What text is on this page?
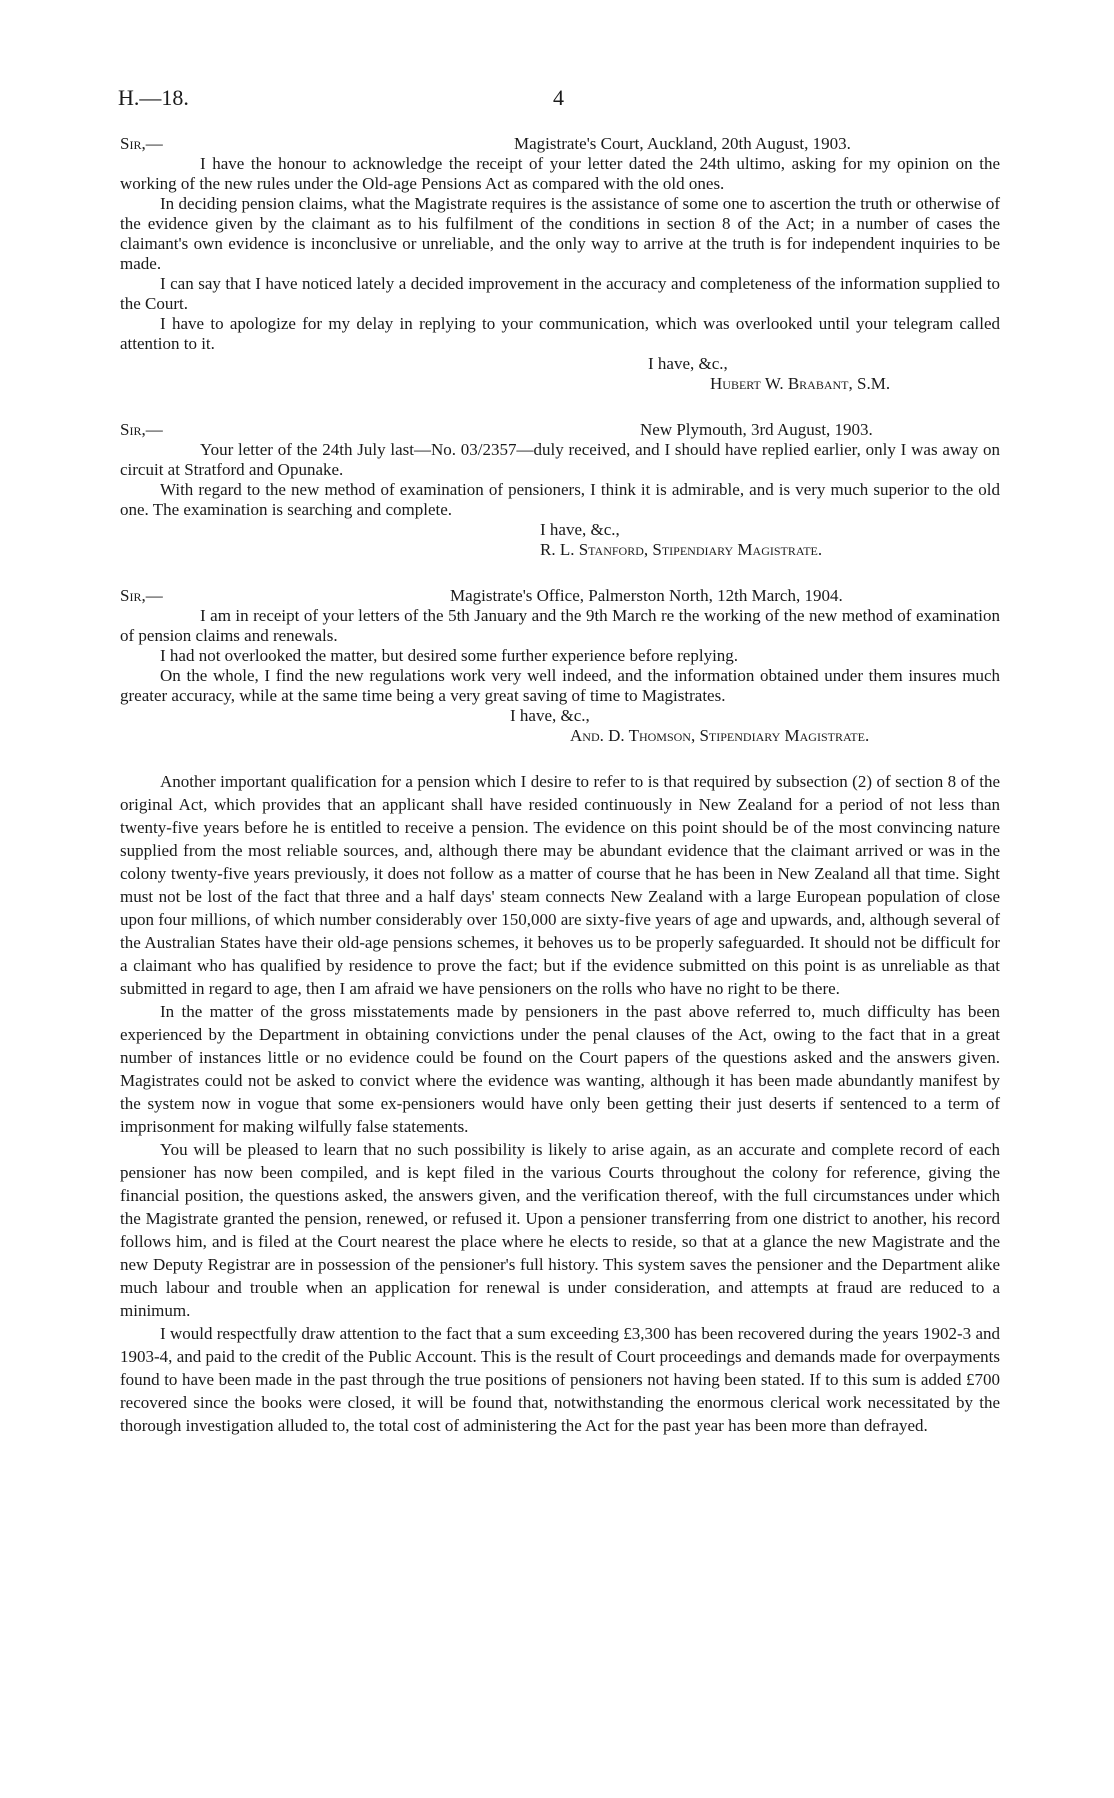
H.—18.	4
Sir,—	Magistrate's Court, Auckland, 20th August, 1903.

I have the honour to acknowledge the receipt of your letter dated the 24th ultimo, asking for my opinion on the working of the new rules under the Old-age Pensions Act as compared with the old ones.

In deciding pension claims, what the Magistrate requires is the assistance of some one to ascertion the truth or otherwise of the evidence given by the claimant as to his fulfilment of the conditions in section 8 of the Act; in a number of cases the claimant's own evidence is inconclusive or unreliable, and the only way to arrive at the truth is for independent inquiries to be made.

I can say that I have noticed lately a decided improvement in the accuracy and completeness of the information supplied to the Court.

I have to apologize for my delay in replying to your communication, which was overlooked until your telegram called attention to it.

I have, &c.,
Hubert W. Brabant, S.M.
Sir,—	New Plymouth, 3rd August, 1903.

Your letter of the 24th July last—No. 03/2357—duly received, and I should have replied earlier, only I was away on circuit at Stratford and Opunake.

With regard to the new method of examination of pensioners, I think it is admirable, and is very much superior to the old one. The examination is searching and complete.

I have, &c.,
R. L. Stanford, Stipendiary Magistrate.
Sir,—	Magistrate's Office, Palmerston North, 12th March, 1904.

I am in receipt of your letters of the 5th January and the 9th March re the working of the new method of examination of pension claims and renewals.

I had not overlooked the matter, but desired some further experience before replying.

On the whole, I find the new regulations work very well indeed, and the information obtained under them insures much greater accuracy, while at the same time being a very great saving of time to Magistrates.

I have, &c.,
And. D. Thomson, Stipendiary Magistrate.

Another important qualification for a pension which I desire to refer to is that required by subsection (2) of section 8 of the original Act, which provides that an applicant shall have resided continuously in New Zealand for a period of not less than twenty-five years before he is entitled to receive a pension. The evidence on this point should be of the most convincing nature supplied from the most reliable sources, and, although there may be abundant evidence that the claimant arrived or was in the colony twenty-five years previously, it does not follow as a matter of course that he has been in New Zealand all that time. Sight must not be lost of the fact that three and a half days' steam connects New Zealand with a large European population of close upon four millions, of which number considerably over 150,000 are sixty-five years of age and upwards, and, although several of the Australian States have their old-age pensions schemes, it behoves us to be properly safeguarded. It should not be difficult for a claimant who has qualified by residence to prove the fact; but if the evidence submitted on this point is as unreliable as that submitted in regard to age, then I am afraid we have pensioners on the rolls who have no right to be there.

In the matter of the gross misstatements made by pensioners in the past above referred to, much difficulty has been experienced by the Department in obtaining convictions under the penal clauses of the Act, owing to the fact that in a great number of instances little or no evidence could be found on the Court papers of the questions asked and the answers given. Magistrates could not be asked to convict where the evidence was wanting, although it has been made abundantly manifest by the system now in vogue that some ex-pensioners would have only been getting their just deserts if sentenced to a term of imprisonment for making wilfully false statements.

You will be pleased to learn that no such possibility is likely to arise again, as an accurate and complete record of each pensioner has now been compiled, and is kept filed in the various Courts throughout the colony for reference, giving the financial position, the questions asked, the answers given, and the verification thereof, with the full circumstances under which the Magistrate granted the pension, renewed, or refused it. Upon a pensioner transferring from one district to another, his record follows him, and is filed at the Court nearest the place where he elects to reside, so that at a glance the new Magistrate and the new Deputy Registrar are in possession of the pensioner's full history. This system saves the pensioner and the Department alike much labour and trouble when an application for renewal is under consideration, and attempts at fraud are reduced to a minimum.

I would respectfully draw attention to the fact that a sum exceeding £3,300 has been recovered during the years 1902-3 and 1903-4, and paid to the credit of the Public Account. This is the result of Court proceedings and demands made for overpayments found to have been made in the past through the true positions of pensioners not having been stated. If to this sum is added £700 recovered since the books were closed, it will be found that, notwithstanding the enormous clerical work necessitated by the thorough investigation alluded to, the total cost of administering the Act for the past year has been more than defrayed.
